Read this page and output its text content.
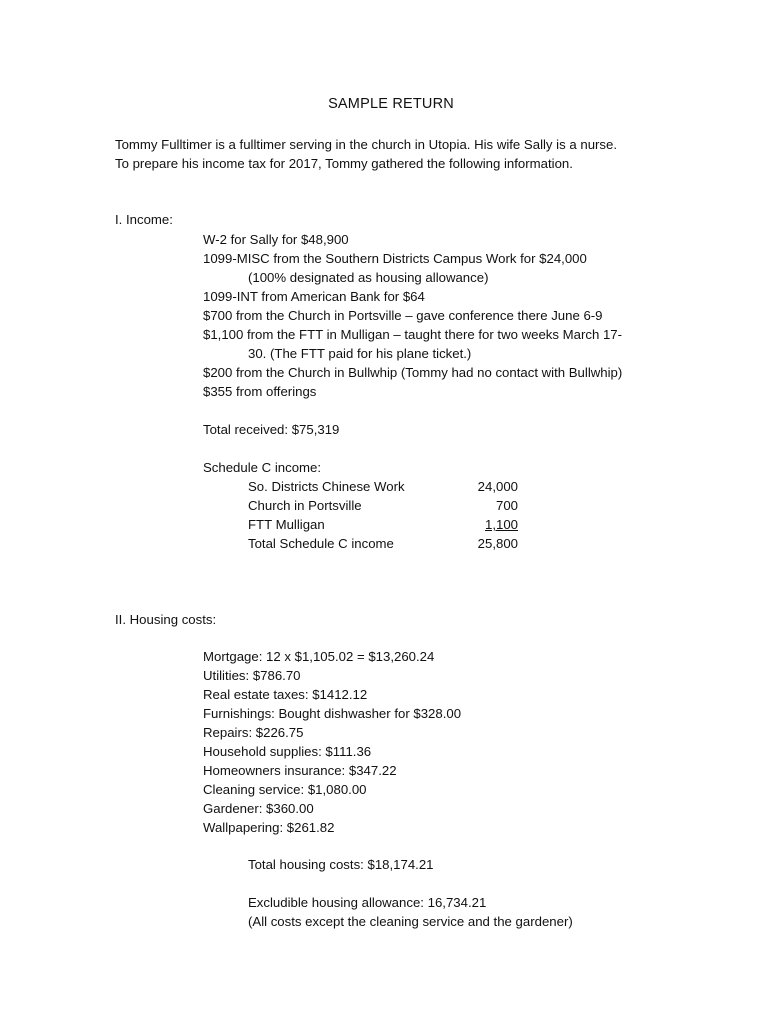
SAMPLE RETURN
Tommy Fulltimer is a fulltimer serving in the church in Utopia. His wife Sally is a nurse.
To prepare his income tax for 2017, Tommy gathered the following information.
I. Income:
W-2 for Sally for $48,900
1099-MISC from the Southern Districts Campus Work for $24,000
(100% designated as housing allowance)
1099-INT from American Bank for $64
$700 from the Church in Portsville – gave conference there June 6-9
$1,100 from the FTT in Mulligan – taught there for two weeks March 17-
30. (The FTT paid for his plane ticket.)
$200 from the Church in Bullwhip (Tommy had no contact with Bullwhip)
$355 from offerings
Total received: $75,319
Schedule C income:
So. Districts Chinese Work	24,000
Church in Portsville	700
FTT Mulligan	1,100
Total Schedule C income	25,800
II. Housing costs:
Mortgage: 12 x $1,105.02 = $13,260.24
Utilities: $786.70
Real estate taxes: $1412.12
Furnishings: Bought dishwasher for $328.00
Repairs: $226.75
Household supplies: $111.36
Homeowners insurance: $347.22
Cleaning service: $1,080.00
Gardener: $360.00
Wallpapering: $261.82
Total housing costs: $18,174.21
Excludible housing allowance: 16,734.21
(All costs except the cleaning service and the gardener)
